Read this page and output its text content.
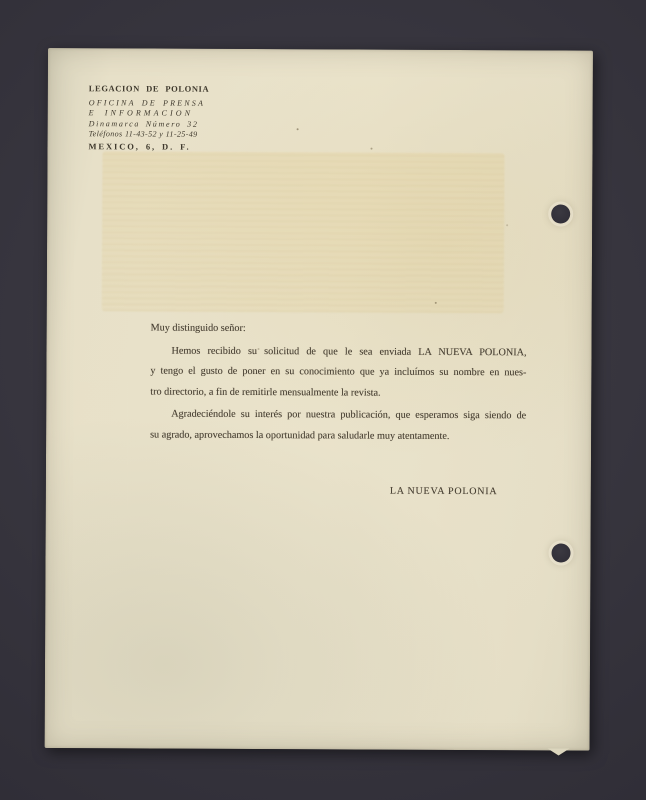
LEGACION DE POLONIA
OFICINA DE PRENSA
E INFORMACION
Dinamarca Número 32
Teléfonos 11-43-52 y 11-25-49
MEXICO, 6, D. F.
Muy distinguido señor:
Hemos recibido su solicitud de que le sea enviada LA NUEVA POLONIA,
y tengo el gusto de poner en su conocimiento que ya incluímos su nombre en nues-
tro directorio, a fin de remitirle mensualmente la revista.
Agradeciéndole su interés por nuestra publicación, que esperamos siga siendo de
su agrado, aprovechamos la oportunidad para saludarle muy atentamente.
LA NUEVA POLONIA
